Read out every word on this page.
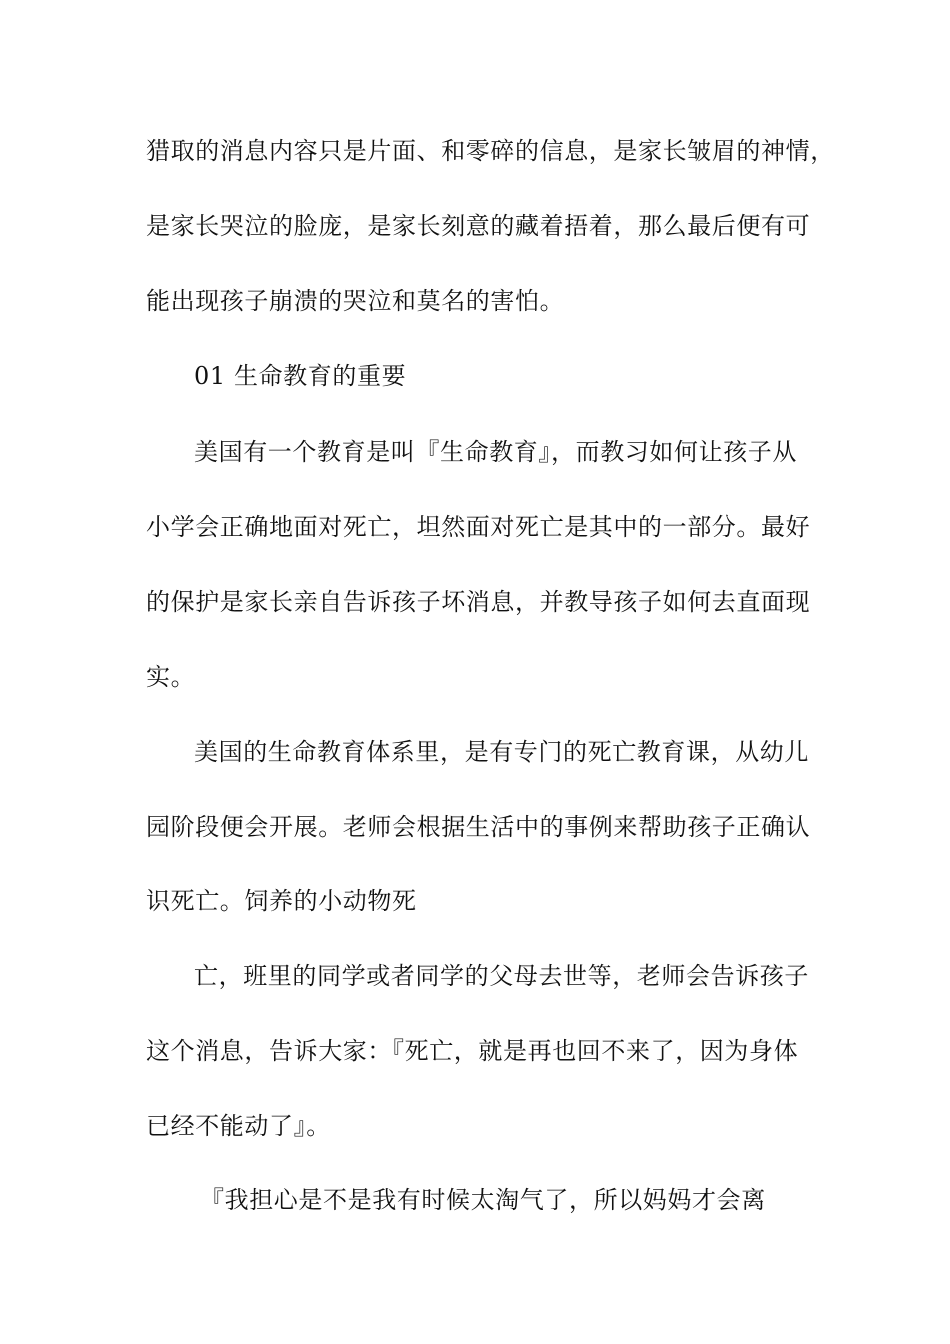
猎取的消息内容只是片面、和零碎的信息，是家长皱眉的神情，
是家长哭泣的脸庞，是家长刻意的藏着捂着，那么最后便有可
能出现孩子崩溃的哭泣和莫名的害怕。
01 生命教育的重要
美国有一个教育是叫『生命教育』，而教习如何让孩子从
小学会正确地面对死亡，坦然面对死亡是其中的一部分。最好
的保护是家长亲自告诉孩子坏消息，并教导孩子如何去直面现
实。
美国的生命教育体系里，是有专门的死亡教育课，从幼儿
园阶段便会开展。老师会根据生活中的事例来帮助孩子正确认
识死亡。饲养的小动物死
亡，班里的同学或者同学的父母去世等，老师会告诉孩子
这个消息，告诉大家：『死亡，就是再也回不来了，因为身体
已经不能动了』。
『我担心是不是我有时候太淘气了，所以妈妈才会离
